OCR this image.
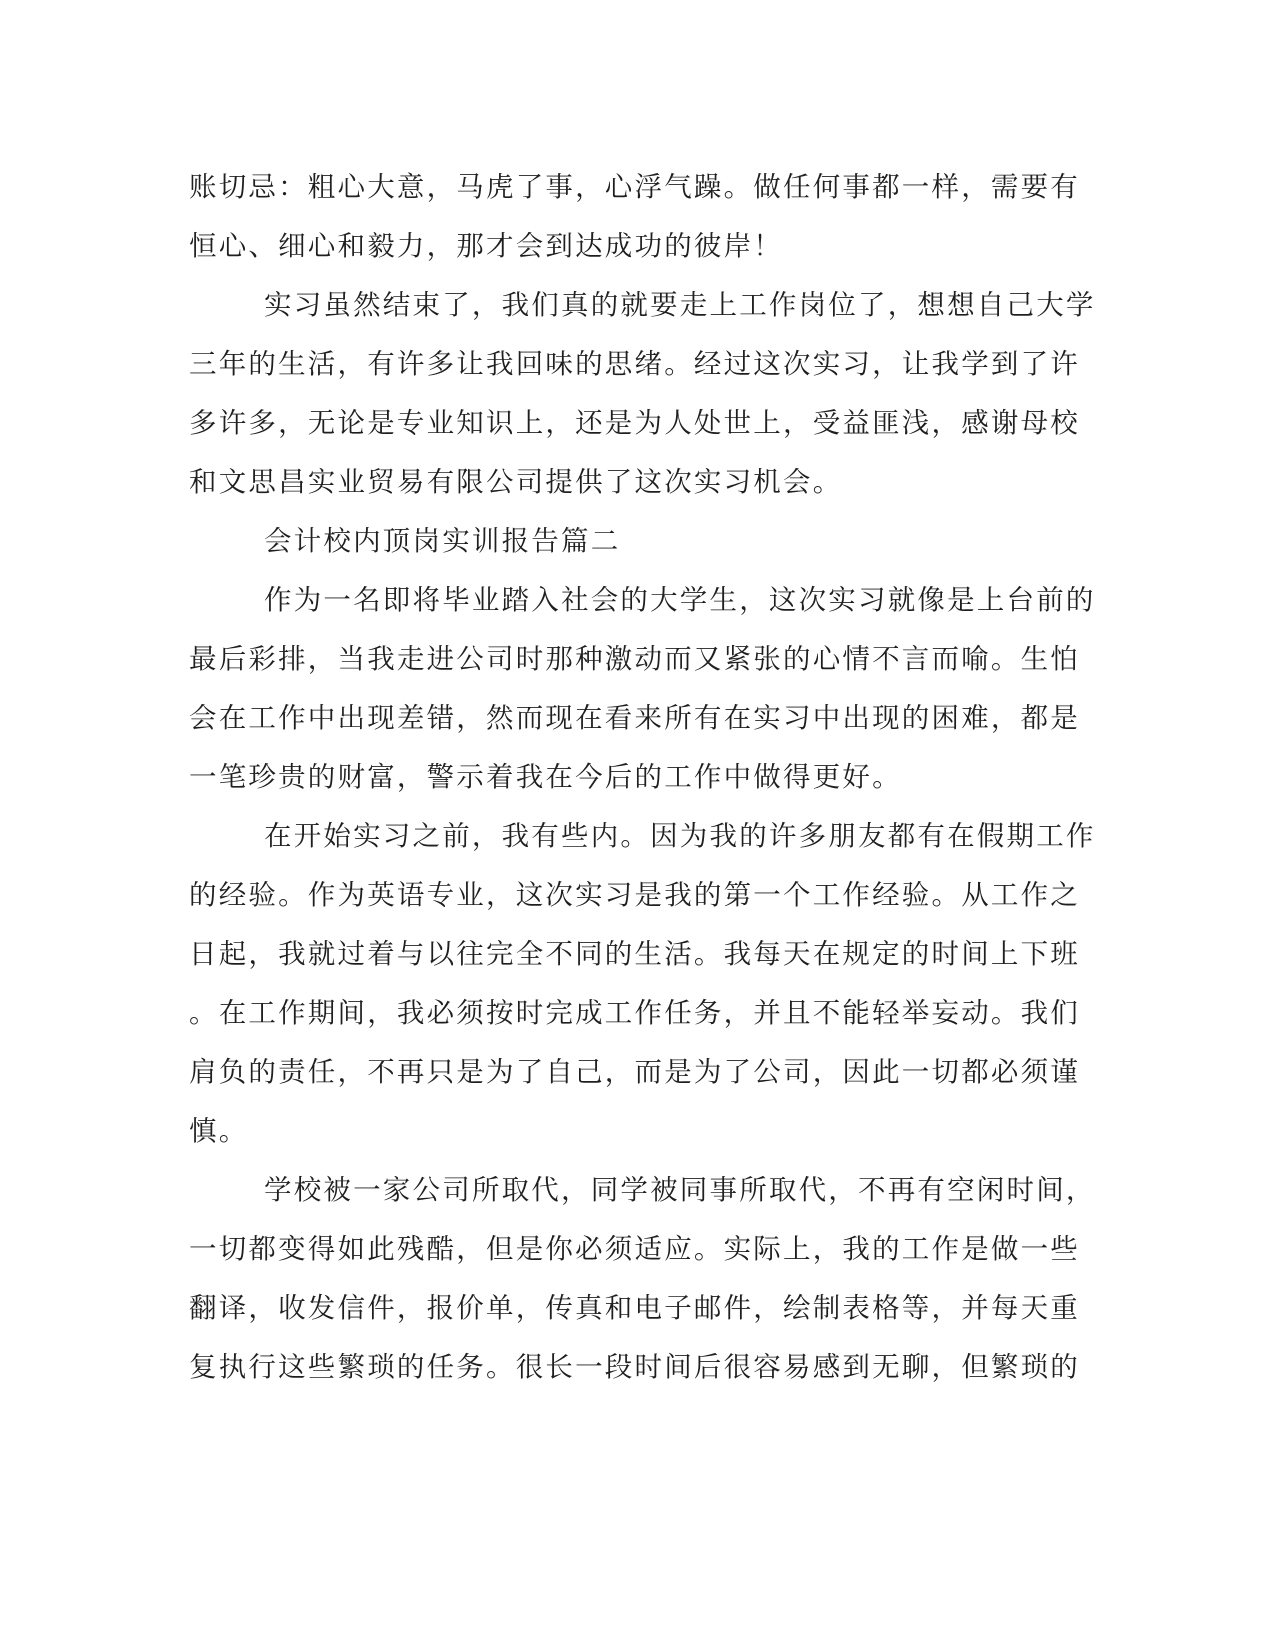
账切忌：粗心大意，马虎了事，心浮气躁。做任何事都一样，需要有
恒心、细心和毅力，那才会到达成功的彼岸！
实习虽然结束了，我们真的就要走上工作岗位了，想想自己大学
三年的生活，有许多让我回味的思绪。经过这次实习，让我学到了许
多许多，无论是专业知识上，还是为人处世上，受益匪浅，感谢母校
和文思昌实业贸易有限公司提供了这次实习机会。
会计校内顶岗实训报告篇二
作为一名即将毕业踏入社会的大学生，这次实习就像是上台前的
最后彩排，当我走进公司时那种激动而又紧张的心情不言而喻。生怕
会在工作中出现差错，然而现在看来所有在实习中出现的困难，都是
一笔珍贵的财富，警示着我在今后的工作中做得更好。
在开始实习之前，我有些内。因为我的许多朋友都有在假期工作
的经验。作为英语专业，这次实习是我的第一个工作经验。从工作之
日起，我就过着与以往完全不同的生活。我每天在规定的时间上下班
。在工作期间，我必须按时完成工作任务，并且不能轻举妄动。我们
肩负的责任，不再只是为了自己，而是为了公司，因此一切都必须谨
慎。
学校被一家公司所取代，同学被同事所取代，不再有空闲时间，
一切都变得如此残酷，但是你必须适应。实际上，我的工作是做一些
翻译，收发信件，报价单，传真和电子邮件，绘制表格等，并每天重
复执行这些繁琐的任务。很长一段时间后很容易感到无聊，但繁琐的
